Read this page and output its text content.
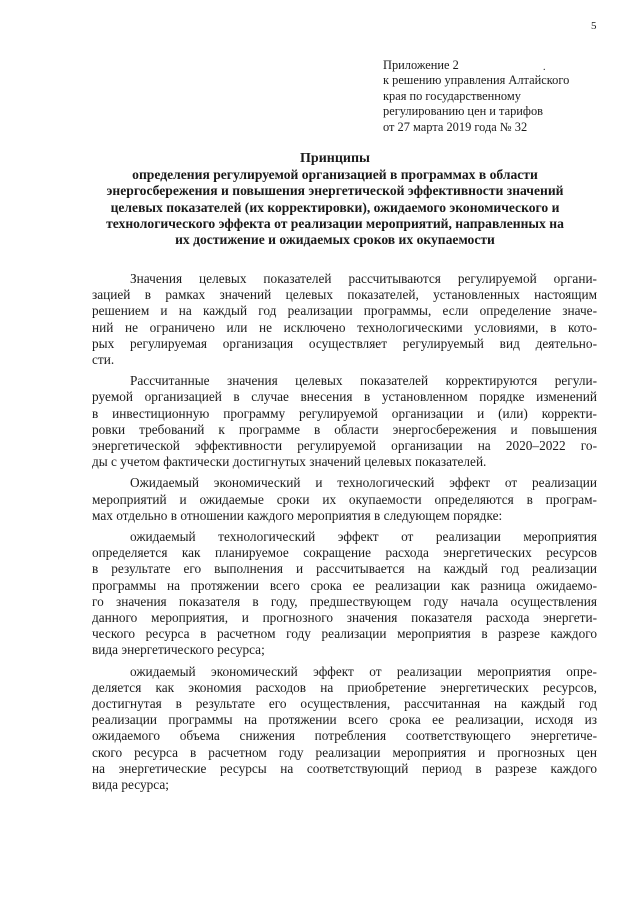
5
.
Приложение 2
к решению управления Алтайского
края по государственному
регулированию цен и тарифов
от 27 марта 2019 года № 32
Принципы
определения регулируемой организацией в программах в области
энергосбережения и повышения энергетической эффективности значений
целевых показателей (их корректировки), ожидаемого экономического и
технологического эффекта от реализации мероприятий, направленных на
их достижение и ожидаемых сроков их окупаемости
Значения целевых показателей рассчитываются регулируемой органи-
зацией в рамках значений целевых показателей, установленных настоящим
решением и на каждый год реализации программы, если определение значе-
ний не ограничено или не исключено технологическими условиями, в кото-
рых регулируемая организация осуществляет регулируемый вид деятельно-
сти.
Рассчитанные значения целевых показателей корректируются регули-
руемой организацией в случае внесения в установленном порядке изменений
в инвестиционную программу регулируемой организации и (или) корректи-
ровки требований к программе в области энергосбережения и повышения
энергетической эффективности регулируемой организации на 2020–2022 го-
ды с учетом фактически достигнутых значений целевых показателей.
Ожидаемый экономический и технологический эффект от реализации
мероприятий и ожидаемые сроки их окупаемости определяются в програм-
мах отдельно в отношении каждого мероприятия в следующем порядке:
ожидаемый технологический эффект от реализации мероприятия
определяется как планируемое сокращение расхода энергетических ресурсов
в результате его выполнения и рассчитывается на каждый год реализации
программы на протяжении всего срока ее реализации как разница ожидаемо-
го значения показателя в году, предшествующем году начала осуществления
данного мероприятия, и прогнозного значения показателя расхода энергети-
ческого ресурса в расчетном году реализации мероприятия в разрезе каждого
вида энергетического ресурса;
ожидаемый экономический эффект от реализации мероприятия опре-
деляется как экономия расходов на приобретение энергетических ресурсов,
достигнутая в результате его осуществления, рассчитанная на каждый год
реализации программы на протяжении всего срока ее реализации, исходя из
ожидаемого объема снижения потребления соответствующего энергетиче-
ского ресурса в расчетном году реализации мероприятия и прогнозных цен
на энергетические ресурсы на соответствующий период в разрезе каждого
вида ресурса;
